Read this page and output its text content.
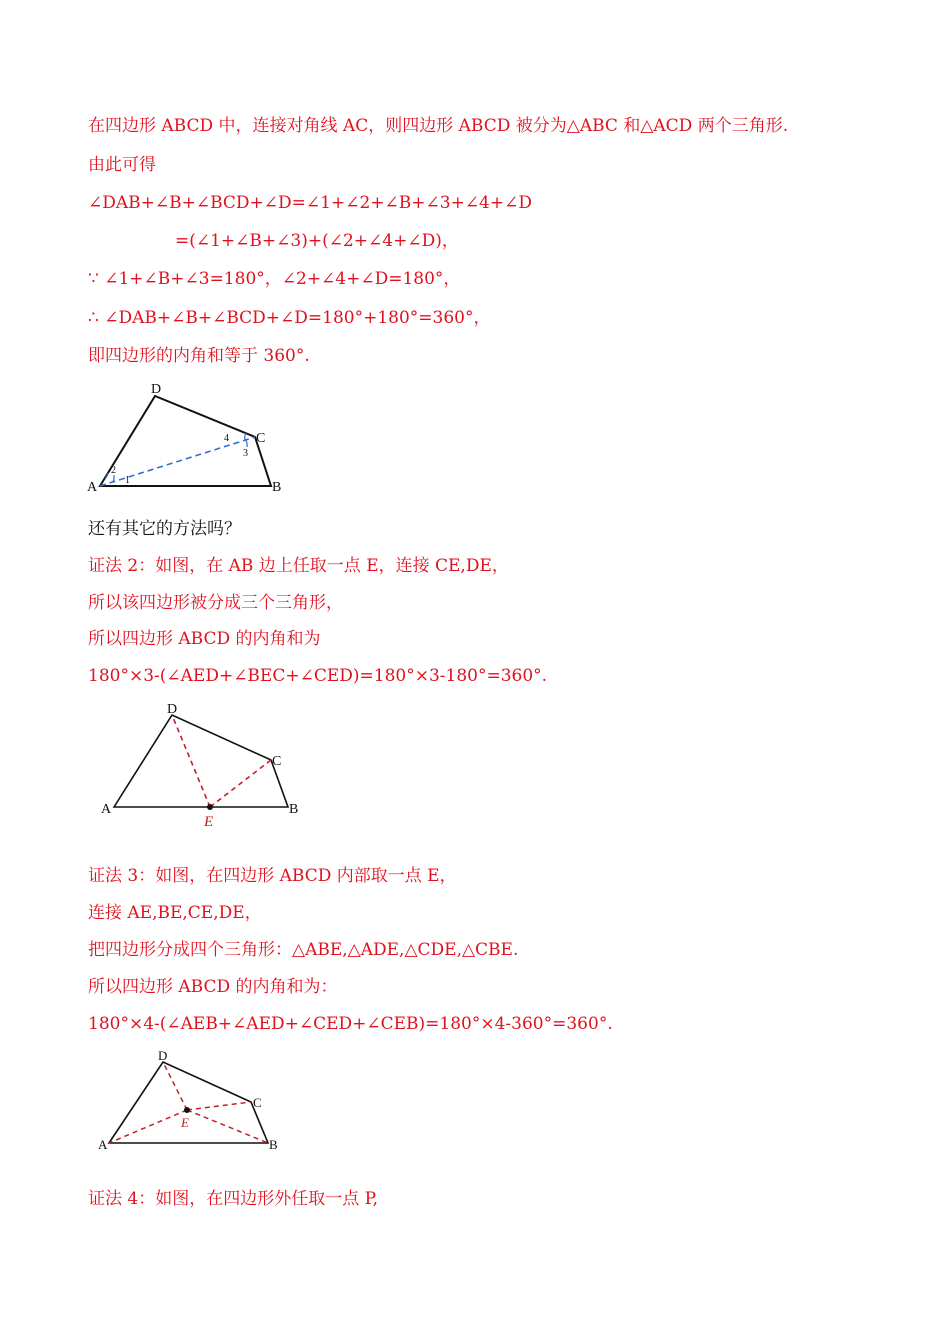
在四边形 ABCD 中，连接对角线 AC，则四边形 ABCD 被分为△ABC 和△ACD 两个三角形.
由此可得
∠DAB+∠B+∠BCD+∠D=∠1+∠2+∠B+∠3+∠4+∠D
=(∠1+∠B+∠3)+(∠2+∠4+∠D)，
∵ ∠1+∠B+∠3=180°，∠2+∠4+∠D=180°，
∴ ∠DAB+∠B+∠BCD+∠D=180°+180°=360°，
即四边形的内角和等于 360°.
D
C
A	B
1
2
3
4
还有其它的方法吗？
证法 2：如图，在 AB 边上任取一点 E，连接 CE,DE，
所以该四边形被分成三个三角形，
所以四边形 ABCD 的内角和为
180°×3-(∠AED+∠BEC+∠CED)=180°×3-180°=360°.
D
C
A	B
E
证法 3：如图，在四边形 ABCD 内部取一点 E，
连接 AE,BE,CE,DE，
把四边形分成四个三角形：△ABE,△ADE,△CDE,△CBE.
所以四边形 ABCD 的内角和为：
180°×4-(∠AEB+∠AED+∠CED+∠CEB)=180°×4-360°=360°.
D
C
A	B
E
证法 4：如图，在四边形外任取一点 P,
